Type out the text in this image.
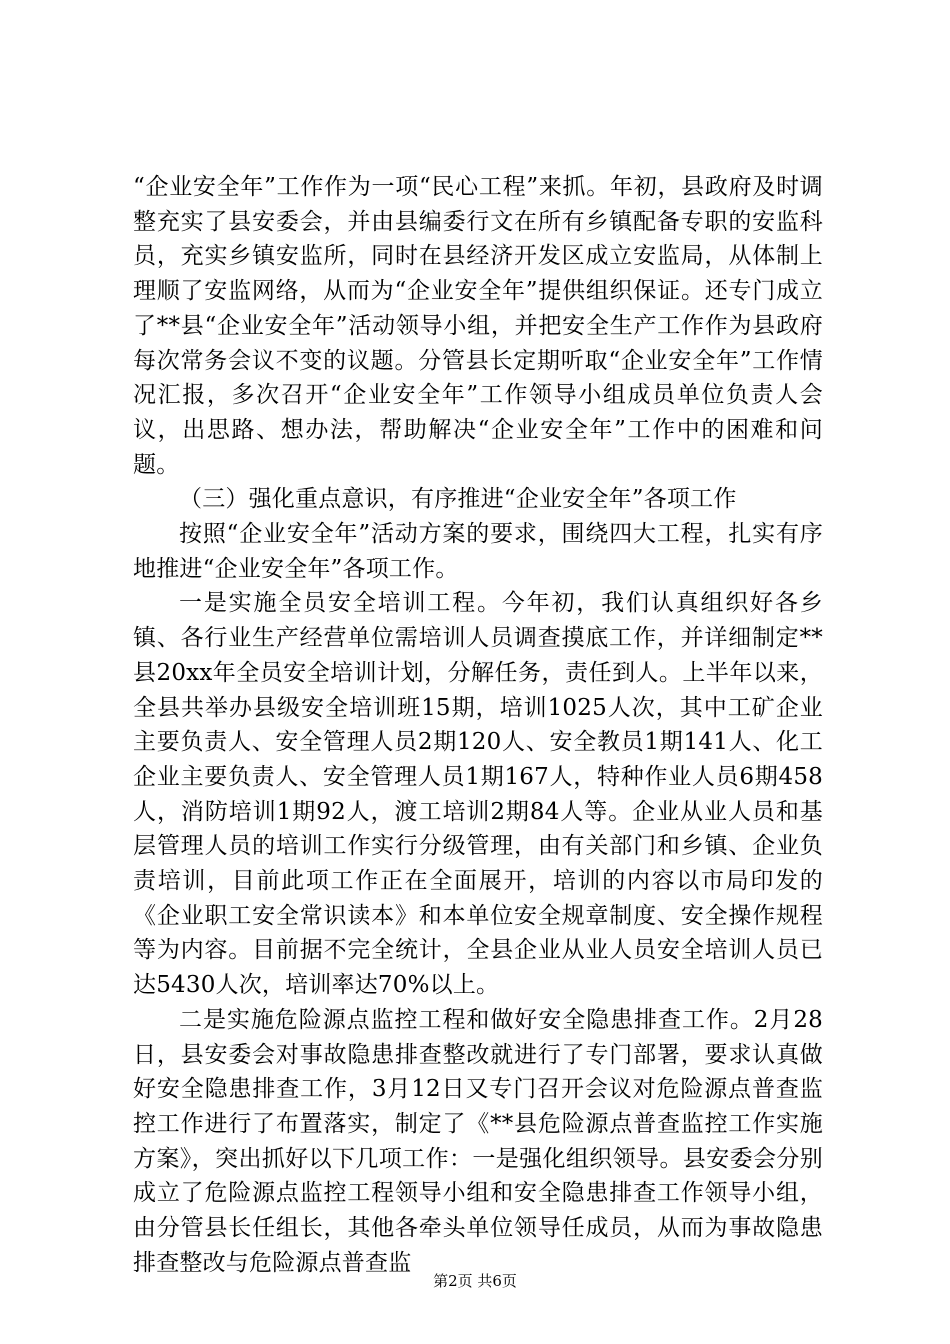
“企业安全年”工作作为一项“民心工程”来抓。年初，县政府及时调整充实了县安委会，并由县编委行文在所有乡镇配备专职的安监科员，充实乡镇安监所，同时在县经济开发区成立安监局，从体制上理顺了安监网络，从而为“企业安全年”提供组织保证。还专门成立了**县“企业安全年”活动领导小组，并把安全生产工作作为县政府每次常务会议不变的议题。分管县长定期听取“企业安全年”工作情况汇报，多次召开“企业安全年”工作领导小组成员单位负责人会议，出思路、想办法，帮助解决“企业安全年”工作中的困难和问题。

（三）强化重点意识，有序推进“企业安全年”各项工作

按照“企业安全年”活动方案的要求，围绕四大工程，扎实有序地推进“企业安全年”各项工作。

一是实施全员安全培训工程。今年初，我们认真组织好各乡镇、各行业生产经营单位需培训人员调查摸底工作，并详细制定**县20xx年全员安全培训计划，分解任务，责任到人。上半年以来，全县共举办县级安全培训班15期，培训1025人次，其中工矿企业主要负责人、安全管理人员2期120人、安全教员1期141人、化工企业主要负责人、安全管理人员1期167人，特种作业人员6期458人，消防培训1期92人，渡工培训2期84人等。企业从业人员和基层管理人员的培训工作实行分级管理，由有关部门和乡镇、企业负责培训，目前此项工作正在全面展开，培训的内容以市局印发的《企业职工安全常识读本》和本单位安全规章制度、安全操作规程等为内容。目前据不完全统计，全县企业从业人员安全培训人员已达5430人次，培训率达70%以上。

二是实施危险源点监控工程和做好安全隐患排查工作。2月28日，县安委会对事故隐患排查整改就进行了专门部署，要求认真做好安全隐患排查工作，3月12日又专门召开会议对危险源点普查监控工作进行了布置落实，制定了《**县危险源点普查监控工作实施方案》，突出抓好以下几项工作：一是强化组织领导。县安委会分别成立了危险源点监控工程领导小组和安全隐患排查工作领导小组，由分管县长任组长，其他各牵头单位领导任成员，从而为事故隐患排查整改与危险源点普查监

第2页 共6页
